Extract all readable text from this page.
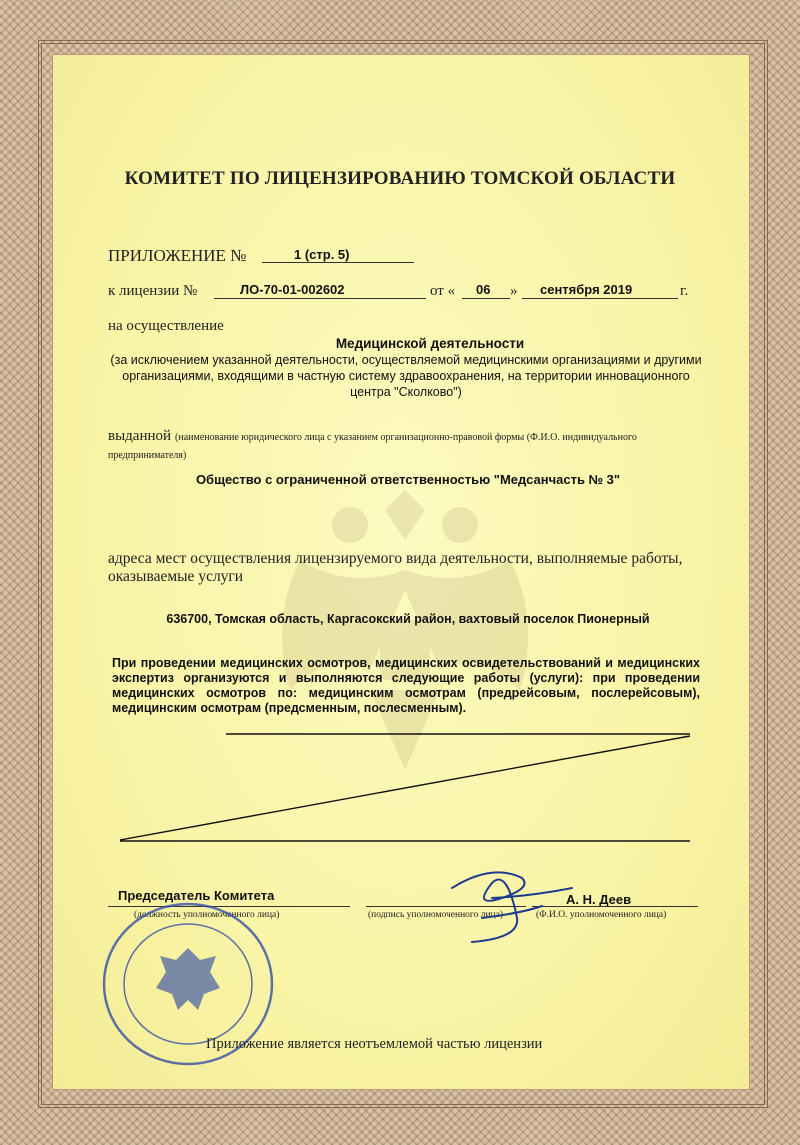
КОМИТЕТ ПО ЛИЦЕНЗИРОВАНИЮ ТОМСКОЙ ОБЛАСТИ
ПРИЛОЖЕНИЕ №	1 (стр. 5)
к лицензии №	ЛО-70-01-002602	от « 06 » сентября 2019	г.
на осуществление
Медицинской деятельности
(за исключением указанной деятельности, осуществляемой медицинскими организациями и другими организациями, входящими в частную систему здравоохранения, на территории инновационного центра "Сколково")
выданной (наименование юридического лица с указанием организационно-правовой формы (Ф.И.О. индивидуального предпринимателя)
Общество с ограниченной ответственностью "Медсанчасть № 3"
адреса мест осуществления лицензируемого вида деятельности, выполняемые работы, оказываемые услуги
636700, Томская область, Каргасокский район, вахтовый поселок Пионерный
При проведении медицинских осмотров, медицинских освидетельствований и медицинских экспертиз организуются и выполняются следующие работы (услуги): при проведении медицинских осмотров по: медицинским осмотрам (предрейсовым, послерейсовым), медицинским осмотрам (предсменным, послесменным).
Председатель Комитета
(должность уполномоченного лица)	(подпись уполномоченного лица)
А. Н. Деев
(Ф.И.О. уполномоченного лица)
Приложение является неотъемлемой частью лицензии
